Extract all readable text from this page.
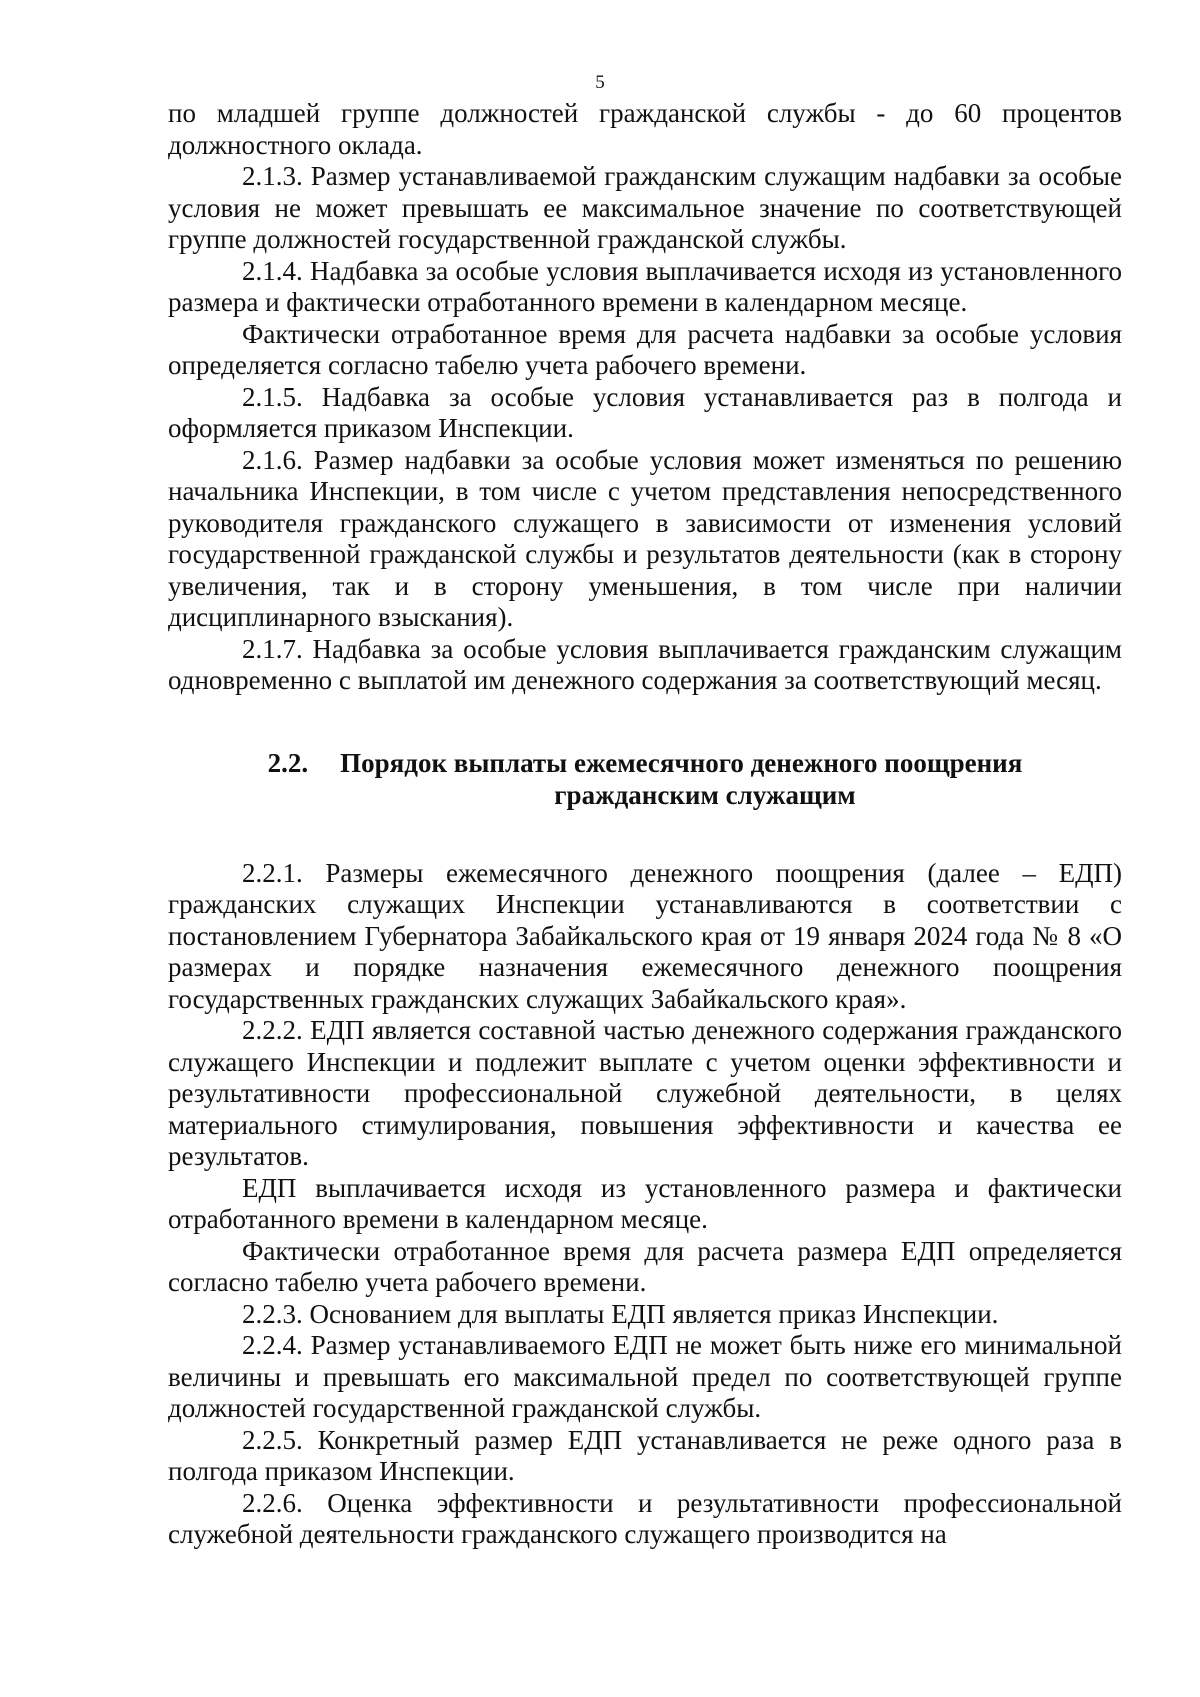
5

по младшей группе должностей гражданской службы - до 60 процентов должностного оклада.

2.1.3. Размер устанавливаемой гражданским служащим надбавки за особые условия не может превышать ее максимальное значение по соответствующей группе должностей государственной гражданской службы.

2.1.4. Надбавка за особые условия выплачивается исходя из установленного размера и фактически отработанного времени в календарном месяце.

Фактически отработанное время для расчета надбавки за особые условия определяется согласно табелю учета рабочего времени.

2.1.5. Надбавка за особые условия устанавливается раз в полгода и оформляется приказом Инспекции.

2.1.6. Размер надбавки за особые условия может изменяться по решению начальника Инспекции, в том числе с учетом представления непосредственного руководителя гражданского служащего в зависимости от изменения условий государственной гражданской службы и результатов деятельности (как в сторону увеличения, так и в сторону уменьшения, в том числе при наличии дисциплинарного взыскания).

2.1.7. Надбавка за особые условия выплачивается гражданским служащим одновременно с выплатой им денежного содержания за соответствующий месяц.

2.2. Порядок выплаты ежемесячного денежного поощрения
гражданским служащим

2.2.1. Размеры ежемесячного денежного поощрения (далее – ЕДП) гражданских служащих Инспекции устанавливаются в соответствии с постановлением Губернатора Забайкальского края от 19 января 2024 года № 8 «О размерах и порядке назначения ежемесячного денежного поощрения государственных гражданских служащих Забайкальского края».

2.2.2. ЕДП является составной частью денежного содержания гражданского служащего Инспекции и подлежит выплате с учетом оценки эффективности и результативности профессиональной служебной деятельности, в целях материального стимулирования, повышения эффективности и качества ее результатов.

ЕДП выплачивается исходя из установленного размера и фактически отработанного времени в календарном месяце.

Фактически отработанное время для расчета размера ЕДП определяется согласно табелю учета рабочего времени.

2.2.3. Основанием для выплаты ЕДП является приказ Инспекции.

2.2.4. Размер устанавливаемого ЕДП не может быть ниже его минимальной величины и превышать его максимальной предел по соответствующей группе должностей государственной гражданской службы.

2.2.5. Конкретный размер ЕДП устанавливается не реже одного раза в полгода приказом Инспекции.

2.2.6. Оценка эффективности и результативности профессиональной служебной деятельности гражданского служащего производится на
